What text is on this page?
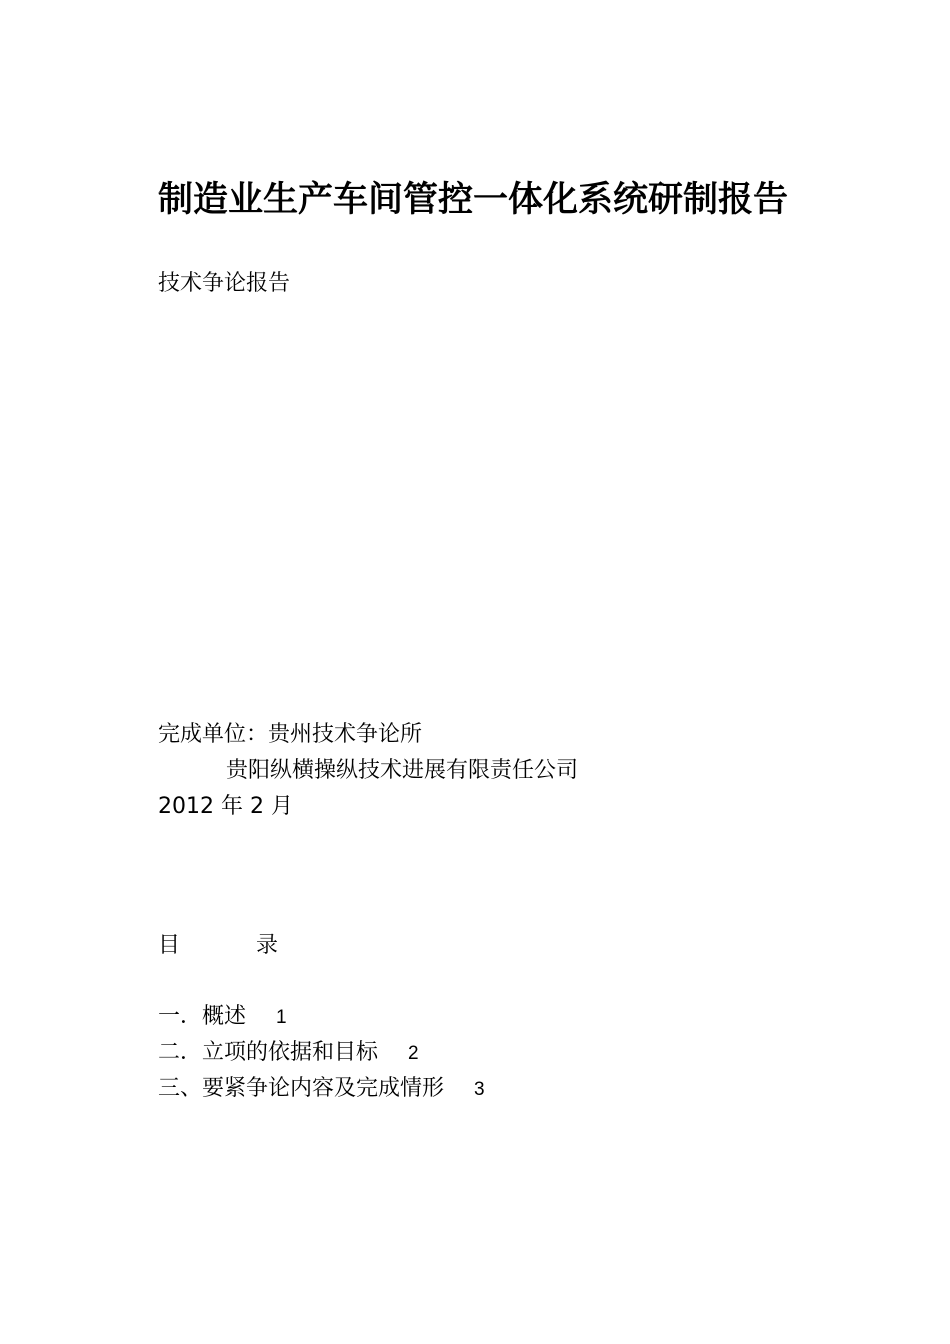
制造业生产车间管控一体化系统研制报告
技术争论报告
完成单位：贵州技术争论所
贵阳纵横操纵技术进展有限责任公司
2012 年 2 月
目	录
一．概述 1
二．立项的依据和目标 2
三、要紧争论内容及完成情形 3
